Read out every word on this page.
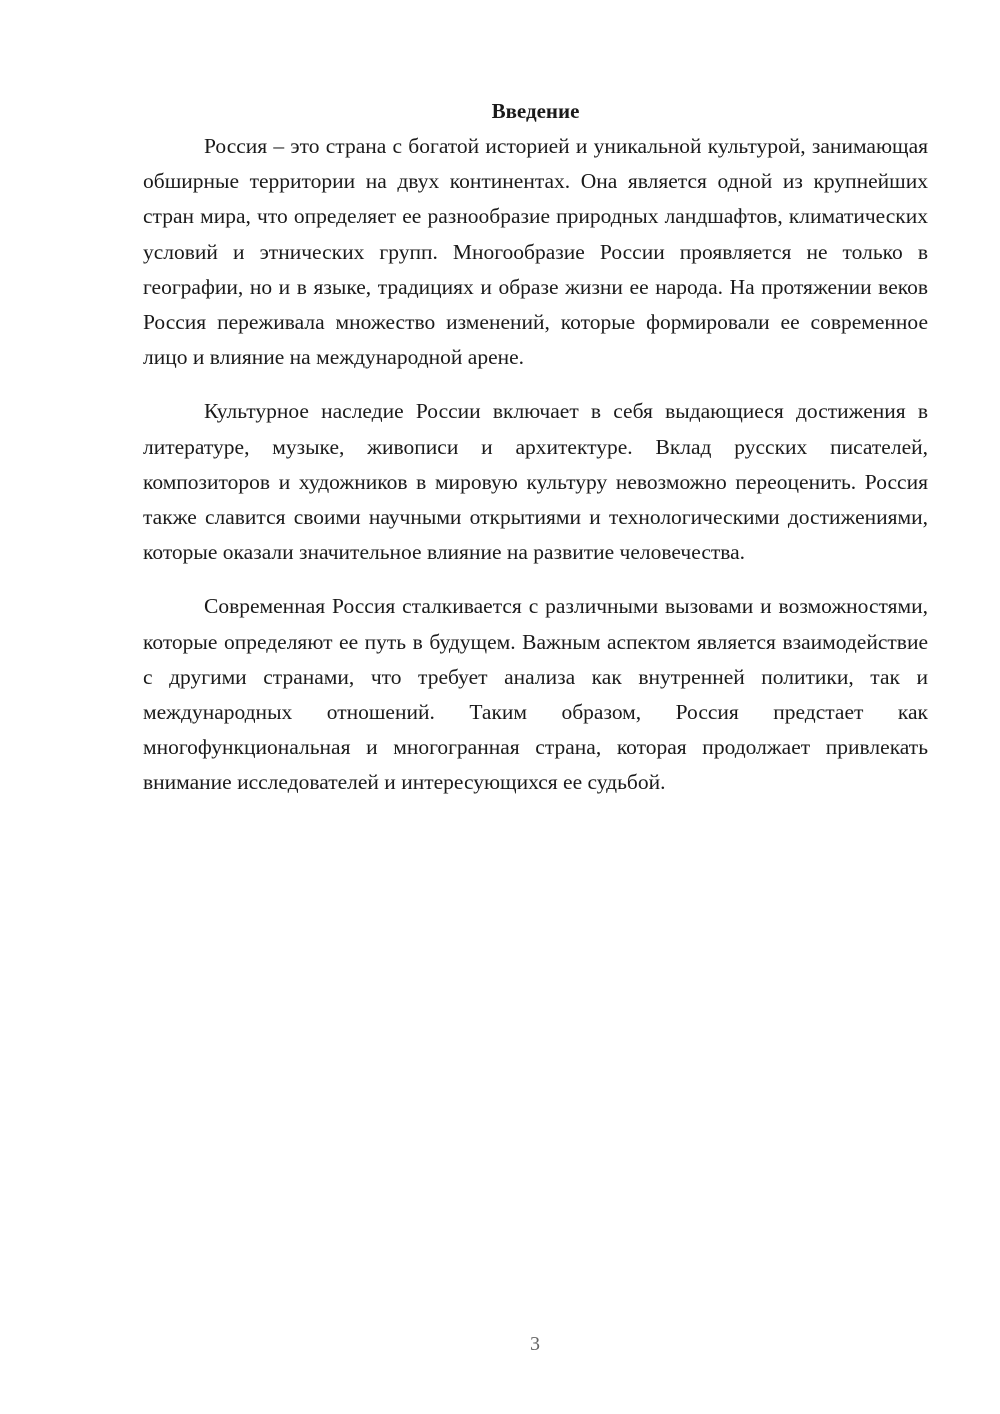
Введение

Россия – это страна с богатой историей и уникальной культурой, занимающая обширные территории на двух континентах. Она является одной из крупнейших стран мира, что определяет ее разнообразие природных ландшафтов, климатических условий и этнических групп. Многообразие России проявляется не только в географии, но и в языке, традициях и образе жизни ее народа. На протяжении веков Россия переживала множество изменений, которые формировали ее современное лицо и влияние на международной арене.

Культурное наследие России включает в себя выдающиеся достижения в литературе, музыке, живописи и архитектуре. Вклад русских писателей, композиторов и художников в мировую культуру невозможно переоценить. Россия также славится своими научными открытиями и технологическими достижениями, которые оказали значительное влияние на развитие человечества.

Современная Россия сталкивается с различными вызовами и возможностями, которые определяют ее путь в будущем. Важным аспектом является взаимодействие с другими странами, что требует анализа как внутренней политики, так и международных отношений. Таким образом, Россия предстает как многофункциональная и многогранная страна, которая продолжает привлекать внимание исследователей и интересующихся ее судьбой.

3
